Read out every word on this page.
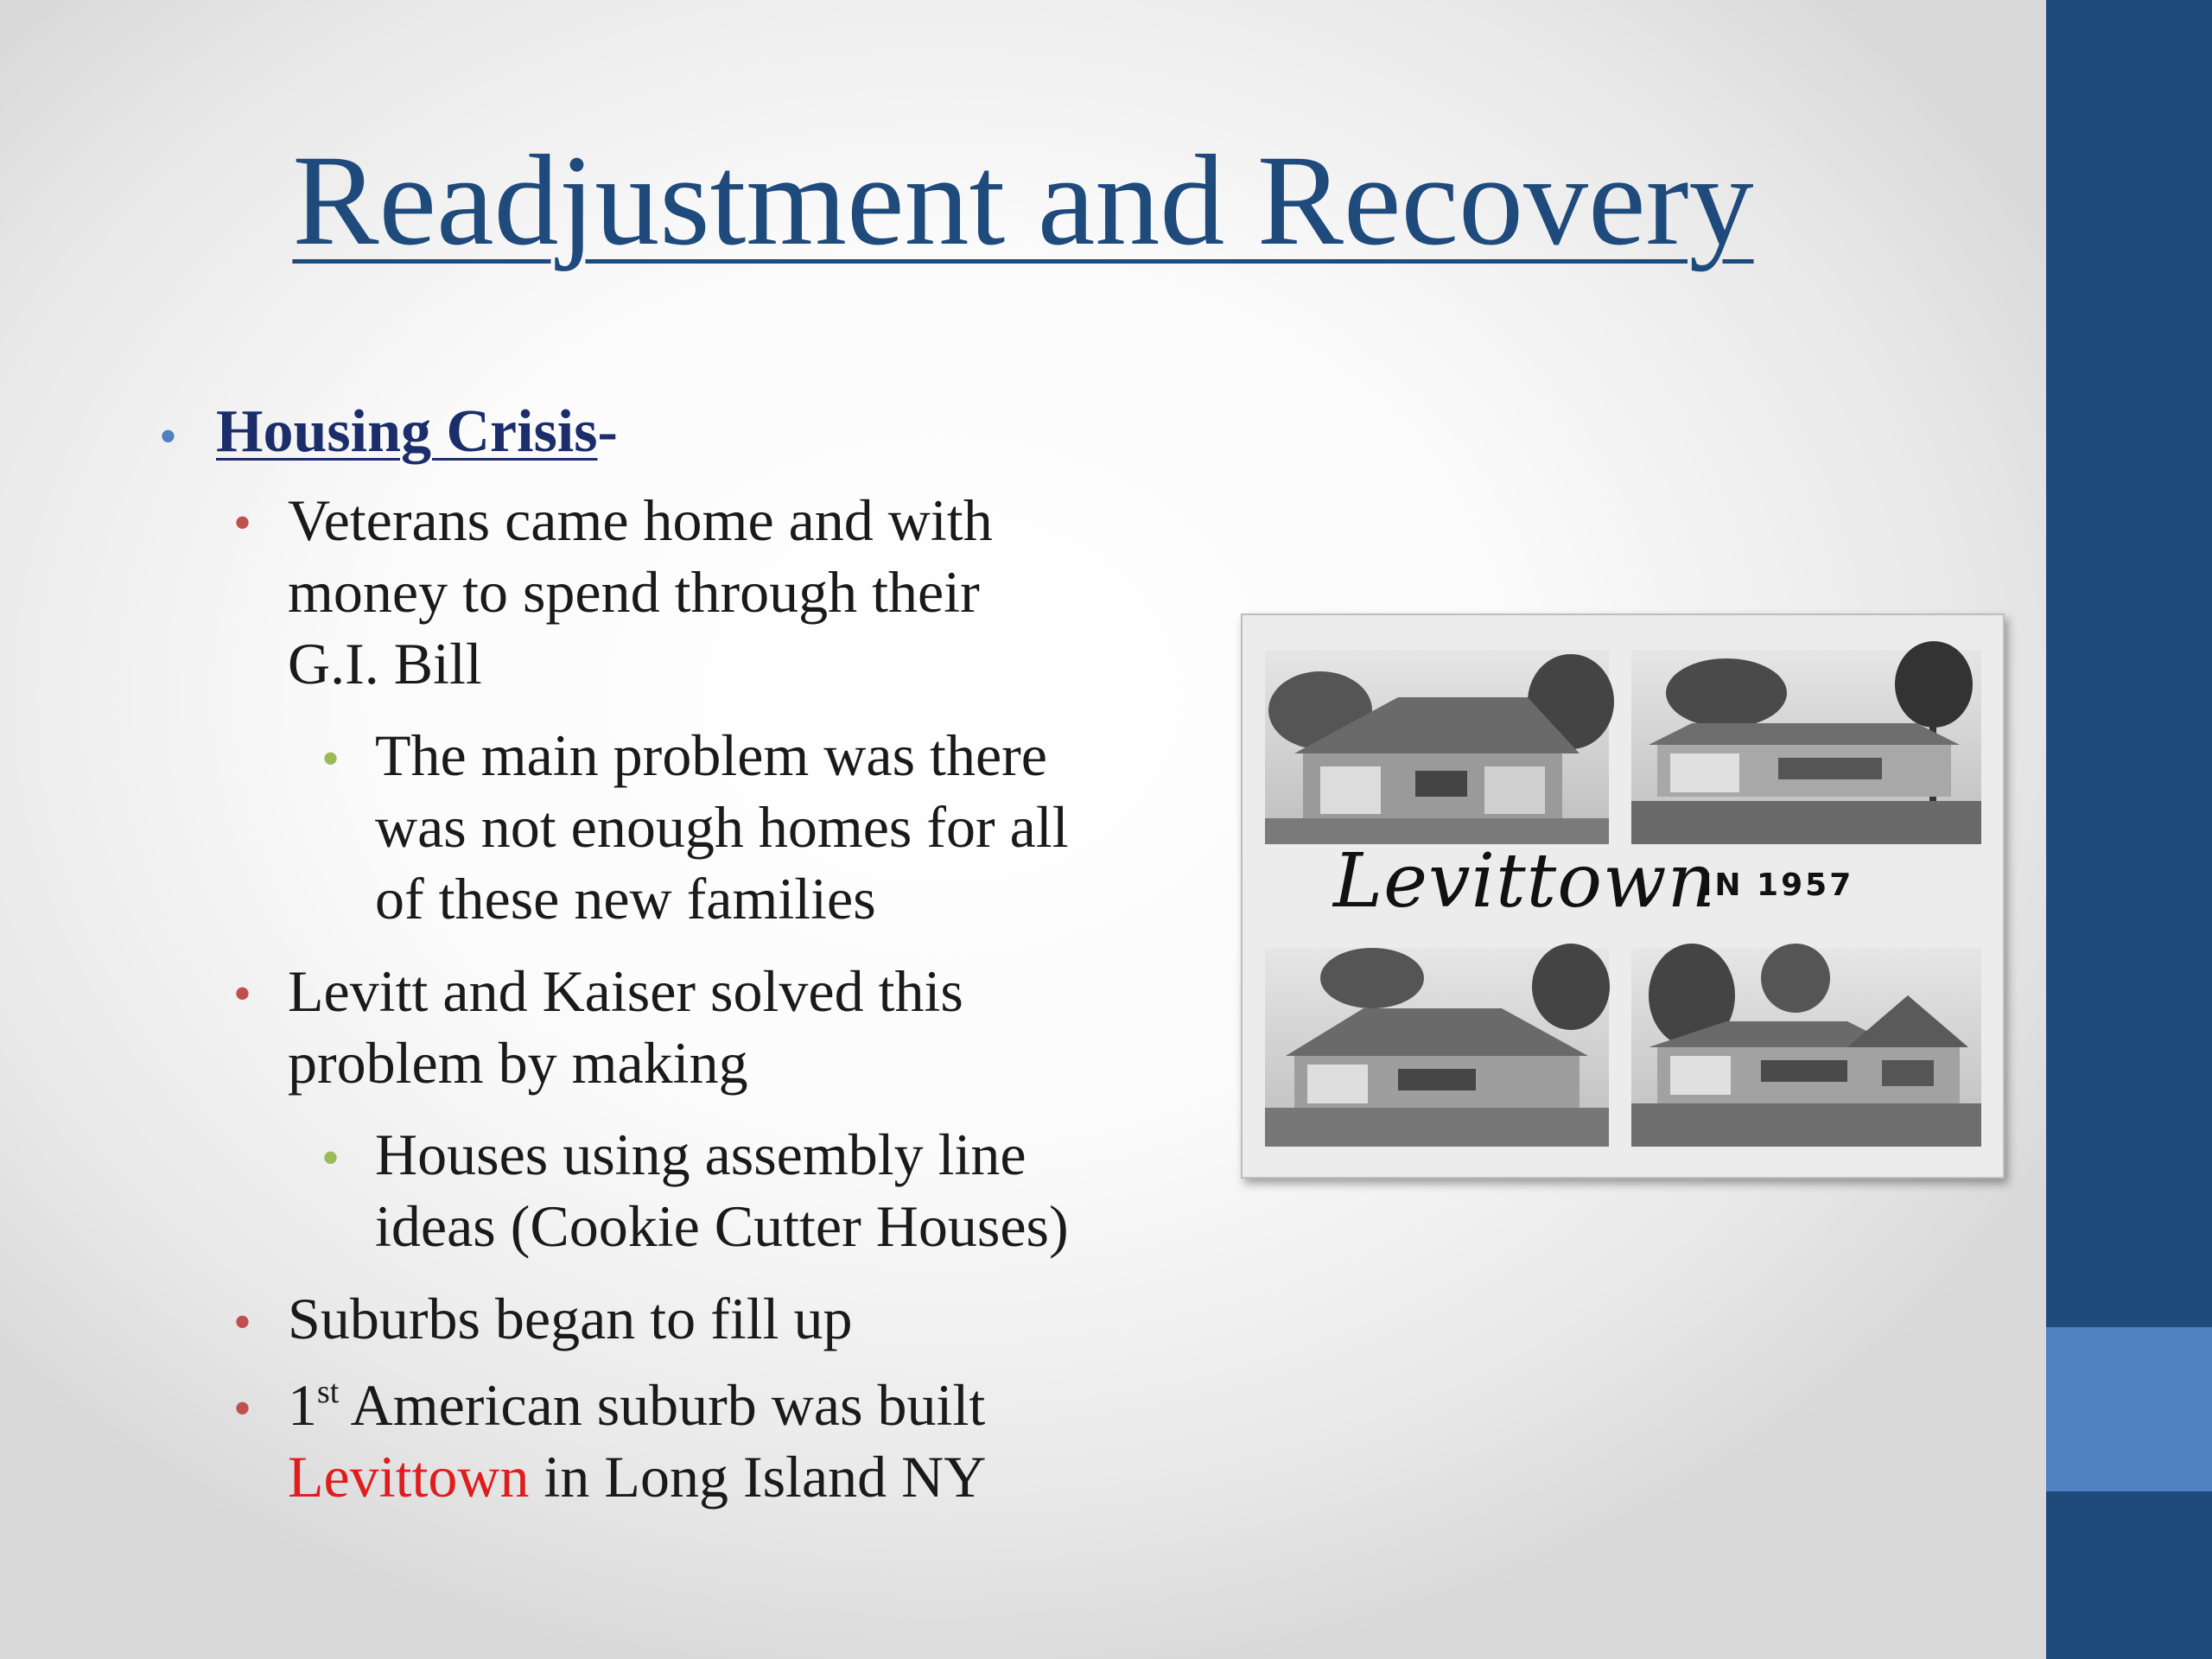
Readjustment and Recovery
• Housing Crisis-
• Veterans came home and with
money to spend through their
G.I. Bill
• The main problem was there
was not enough homes for all
of these new families
• Levitt and Kaiser solved this
problem by making
• Houses using assembly line
ideas (Cookie Cutter Houses)
• Suburbs began to fill up
• 1st American suburb was built
Levittown in Long Island NY
Levittown
IN 1957
